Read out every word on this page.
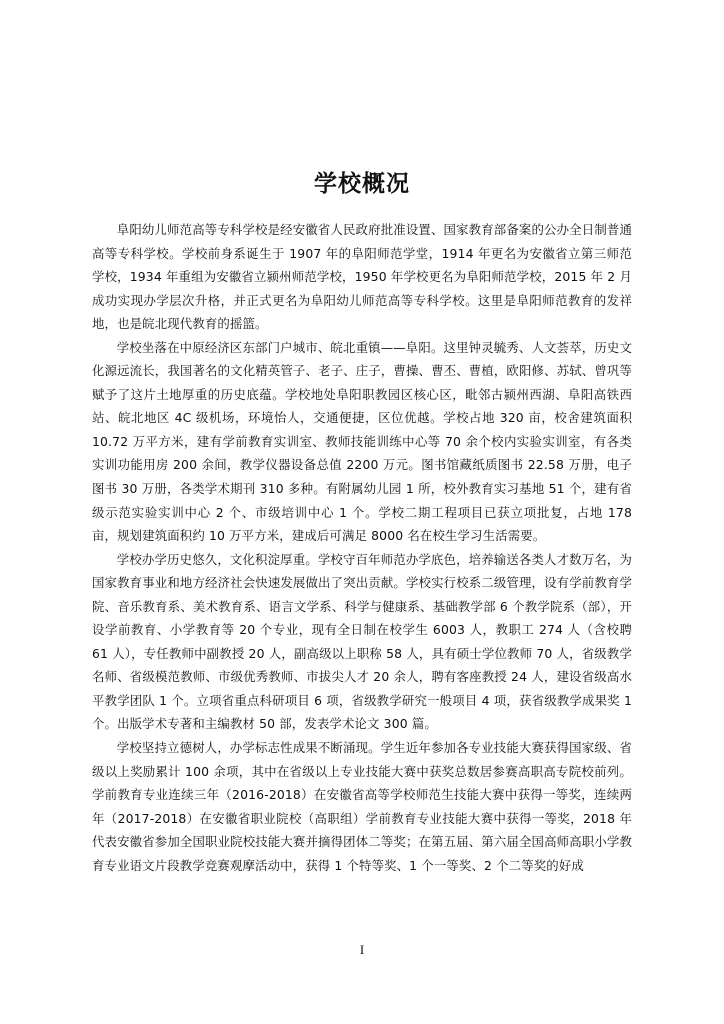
学校概况

阜阳幼儿师范高等专科学校是经安徽省人民政府批准设置、国家教育部备案的公办全日制普通高等专科学校。学校前身系诞生于 1907 年的阜阳师范学堂，1914 年更名为安徽省立第三师范学校，1934 年重组为安徽省立颍州师范学校，1950 年学校更名为阜阳师范学校，2015 年 2 月成功实现办学层次升格，并正式更名为阜阳幼儿师范高等专科学校。这里是阜阳师范教育的发祥地，也是皖北现代教育的摇篮。

学校坐落在中原经济区东部门户城市、皖北重镇——阜阳。这里钟灵毓秀、人文荟萃，历史文化源远流长，我国著名的文化精英管子、老子、庄子，曹操、曹丕、曹植，欧阳修、苏轼、曾巩等赋予了这片土地厚重的历史底蕴。学校地处阜阳职教园区核心区，毗邻古颍州西湖、阜阳高铁西站、皖北地区 4C 级机场，环境怡人，交通便捷，区位优越。学校占地 320 亩，校舍建筑面积 10.72 万平方米，建有学前教育实训室、教师技能训练中心等 70 余个校内实验实训室，有各类实训功能用房 200 余间，教学仪器设备总值 2200 万元。图书馆藏纸质图书 22.58 万册，电子图书 30 万册，各类学术期刊 310 多种。有附属幼儿园 1 所，校外教育实习基地 51 个，建有省级示范实验实训中心 2 个、市级培训中心 1 个。学校二期工程项目已获立项批复，占地 178 亩，规划建筑面积约 10 万平方米，建成后可满足 8000 名在校生学习生活需要。

学校办学历史悠久，文化积淀厚重。学校守百年师范办学底色，培养输送各类人才数万名，为国家教育事业和地方经济社会快速发展做出了突出贡献。学校实行校系二级管理，设有学前教育学院、音乐教育系、美术教育系、语言文学系、科学与健康系、基础教学部 6 个教学院系（部），开设学前教育、小学教育等 20 个专业，现有全日制在校学生 6003 人，教职工 274 人（含校聘 61 人），专任教师中副教授 20 人，副高级以上职称 58 人，具有硕士学位教师 70 人，省级教学名师、省级模范教师、市级优秀教师、市拔尖人才 20 余人，聘有客座教授 24 人，建设省级高水平教学团队 1 个。立项省重点科研项目 6 项，省级教学研究一般项目 4 项，获省级教学成果奖 1 个。出版学术专著和主编教材 50 部，发表学术论文 300 篇。

学校坚持立德树人，办学标志性成果不断涌现。学生近年参加各专业技能大赛获得国家级、省级以上奖励累计 100 余项，其中在省级以上专业技能大赛中获奖总数居参赛高职高专院校前列。学前教育专业连续三年（2016-2018）在安徽省高等学校师范生技能大赛中获得一等奖，连续两年（2017-2018）在安徽省职业院校（高职组）学前教育专业技能大赛中获得一等奖，2018 年代表安徽省参加全国职业院校技能大赛并摘得团体二等奖；在第五届、第六届全国高师高职小学教育专业语文片段教学竞赛观摩活动中，获得 1 个特等奖、1 个一等奖、2 个二等奖的好成

I
